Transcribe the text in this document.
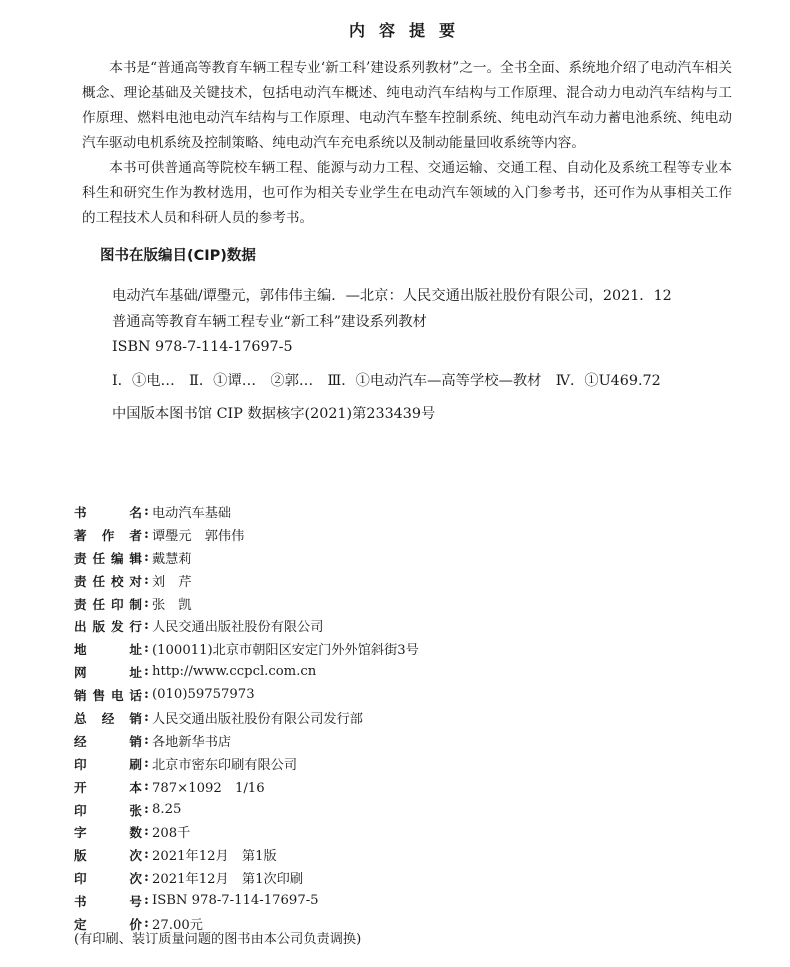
内容提要

本书是“普通高等教育车辆工程专业‘新工科’建设系列教材”之一。全书全面、系统地介绍了电动汽车相关概念、理论基础及关键技术，包括电动汽车概述、纯电动汽车结构与工作原理、混合动力电动汽车结构与工作原理、燃料电池电动汽车结构与工作原理、电动汽车整车控制系统、纯电动汽车动力蓄电池系统、纯电动汽车驱动电机系统及控制策略、纯电动汽车充电系统以及制动能量回收系统等内容。

本书可供普通高等院校车辆工程、能源与动力工程、交通运输、交通工程、自动化及系统工程等专业本科生和研究生作为教材选用，也可作为相关专业学生在电动汽车领域的入门参考书，还可作为从事相关工作的工程技术人员和科研人员的参考书。

图书在版编目(CIP)数据

电动汽车基础/谭璺元，郭伟伟主编．—北京：人民交通出版社股份有限公司，2021．12

普通高等教育车辆工程专业“新工科”建设系列教材

ISBN 978-7-114-17697-5

Ⅰ．①电…　Ⅱ．①谭…　②郭…　Ⅲ．①电动汽车—高等学校—教材　Ⅳ．①U469.72

中国版本图书馆 CIP 数据核字(2021)第233439号

书　　名 : 电动汽车基础
著作者 : 谭璺元　郭伟伟
责任编辑 : 戴慧莉
责任校对 : 刘　芹
责任印制 : 张　凯
出版发行 : 人民交通出版社股份有限公司
地　　址 : (100011)北京市朝阳区安定门外外馆斜街3号
网　　址 : http://www.ccpcl.com.cn
销售电话 : (010)59757973
总经销 : 人民交通出版社股份有限公司发行部
经　　销 : 各地新华书店
印　　刷 : 北京市密东印刷有限公司
开　　本 : 787×1092　1/16
印　　张 : 8.25
字　　数 : 208千
版　　次 : 2021年12月　第1版
印　　次 : 2021年12月　第1次印刷
书　　号 : ISBN 978-7-114-17697-5
定　　价 : 27.00元
(有印刷、装订质量问题的图书由本公司负责调换)
